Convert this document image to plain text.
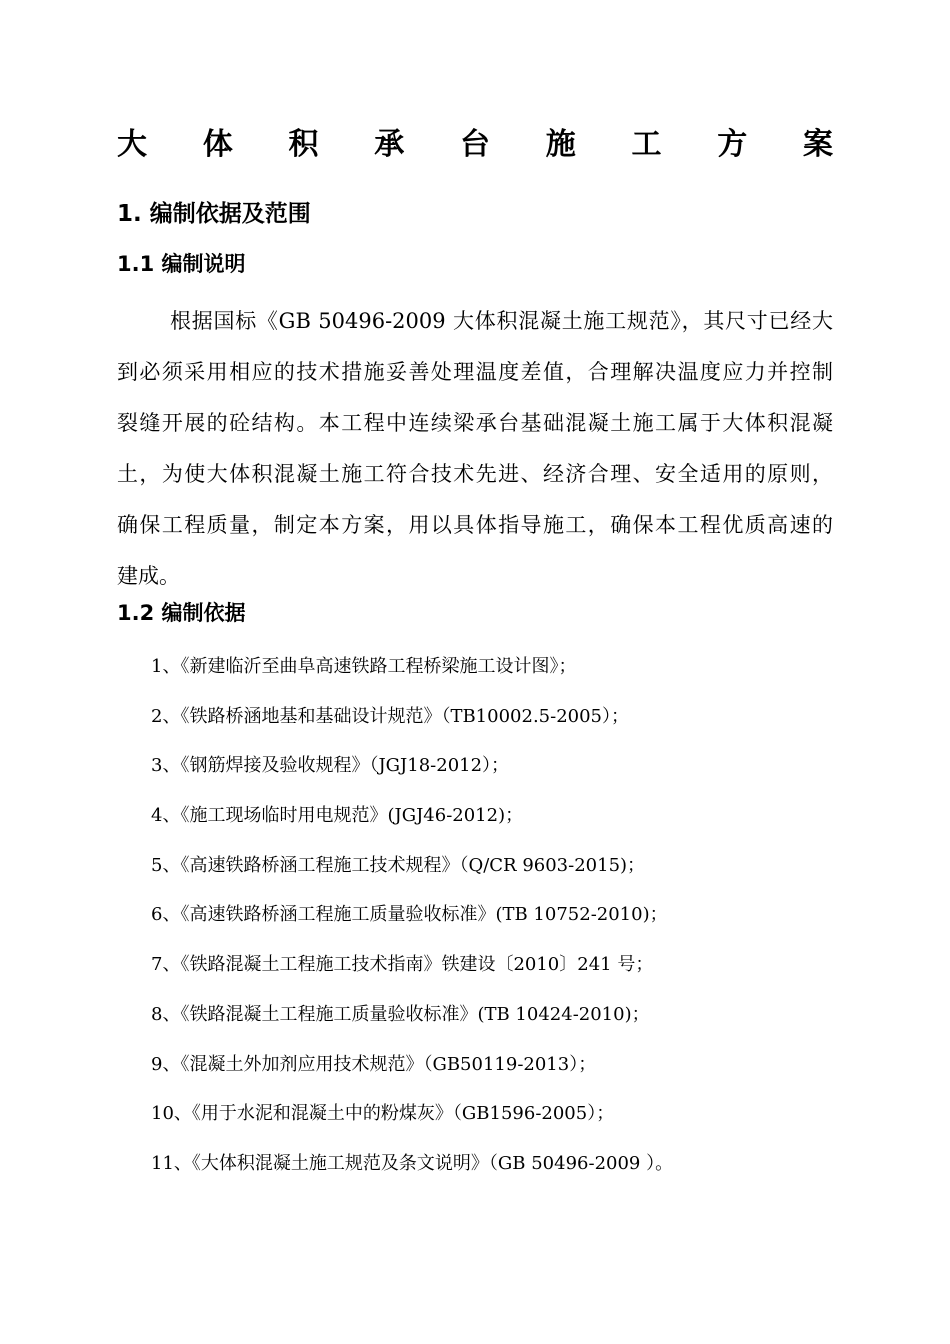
大 体 积 承 台 施 工 方 案
1. 编制依据及范围
1.1 编制说明
根据国标《GB 50496-2009 大体积混凝土施工规范》，其尺寸已经大
到必须采用相应的技术措施妥善处理温度差值，合理解决温度应力并控制
裂缝开展的砼结构。本工程中连续梁承台基础混凝土施工属于大体积混凝
土，为使大体积混凝土施工符合技术先进、经济合理、安全适用的原则，
确保工程质量，制定本方案，用以具体指导施工，确保本工程优质高速的
建成。
1.2 编制依据
1、《新建临沂至曲阜高速铁路工程桥梁施工设计图》；
2、《铁路桥涵地基和基础设计规范》（TB10002.5-2005）；
3、《钢筋焊接及验收规程》（JGJ18-2012）；
4、《施工现场临时用电规范》(JGJ46-2012)；
5、《高速铁路桥涵工程施工技术规程》（Q/CR 9603-2015)；
6、《高速铁路桥涵工程施工质量验收标准》(TB 10752-2010)；
7、《铁路混凝土工程施工技术指南》铁建设〔2010〕241 号；
8、《铁路混凝土工程施工质量验收标准》(TB 10424-2010)；
9、《混凝土外加剂应用技术规范》（GB50119-2013）；
10、《用于水泥和混凝土中的粉煤灰》（GB1596-2005）；
11、《大体积混凝土施工规范及条文说明》（GB 50496-2009 ）。
